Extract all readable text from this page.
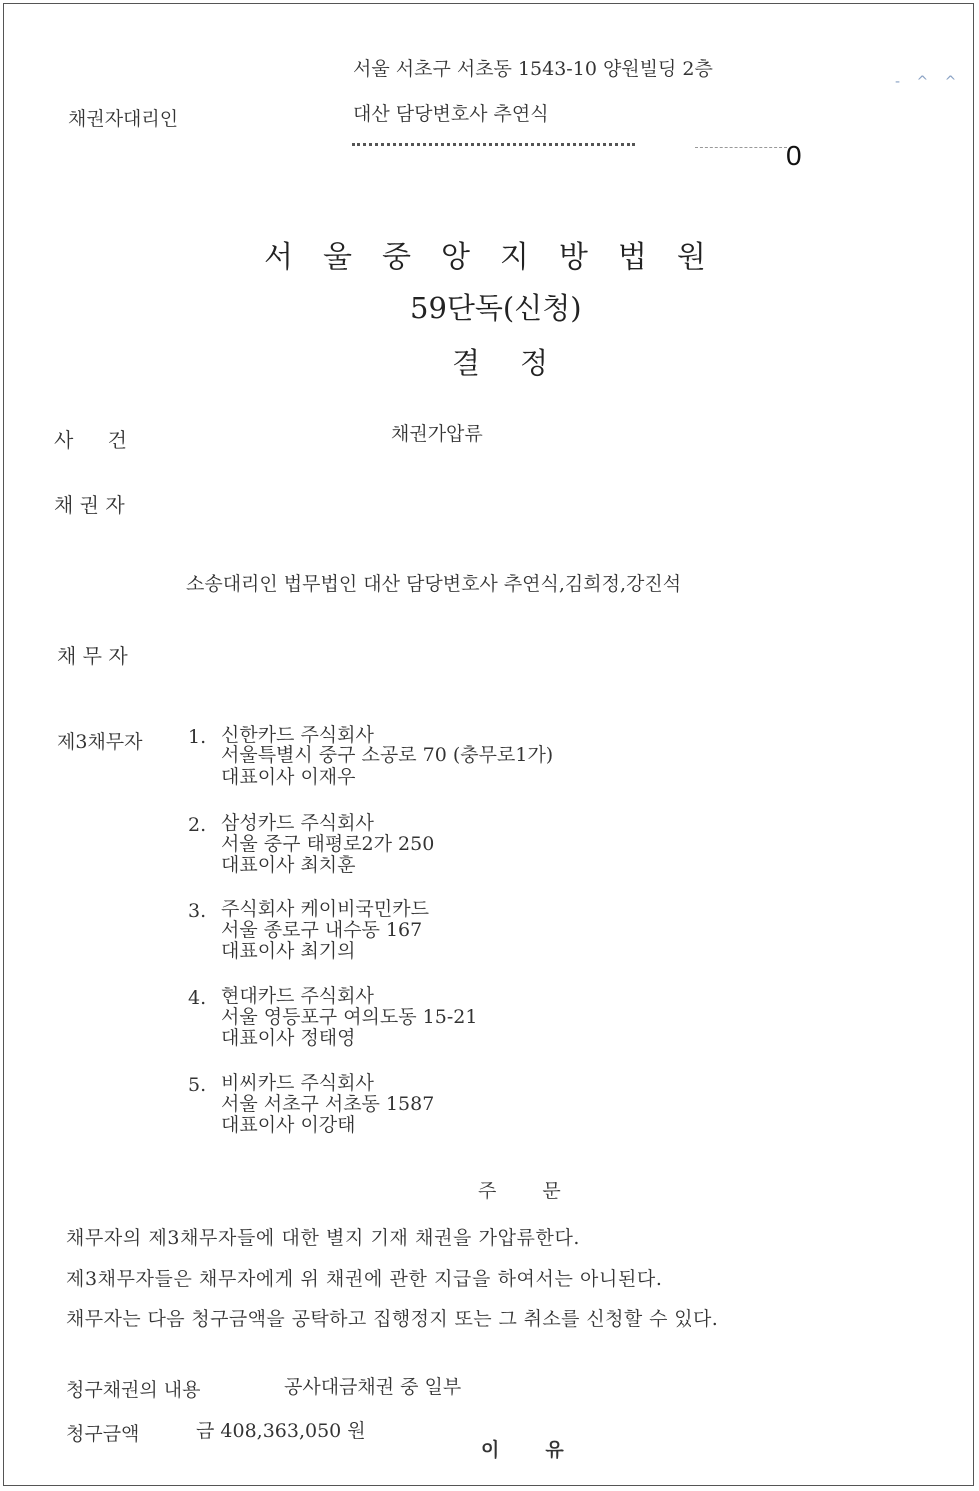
서울 서초구 서초동 1543-10 양원빌딩 2층
채권자대리인	대산 담당변호사 추연식
- ^ ^
0
서울중앙지방법원
59단독(신청)
결정
사 건	채권가압류
채 권 자
소송대리인 법무법인 대산 담당변호사 추연식,김희정,강진석
채 무 자
제3채무자 1. 신한카드 주식회사
서울특별시 중구 소공로 70 (충무로1가)
대표이사 이재우
2. 삼성카드 주식회사
서울 중구 태평로2가 250
대표이사 최치훈
3. 주식회사 케이비국민카드
서울 종로구 내수동 167
대표이사 최기의
4. 현대카드 주식회사
서울 영등포구 여의도동 15-21
대표이사 정태영
5. 비씨카드 주식회사
서울 서초구 서초동 1587
대표이사 이강태
주문
채무자의 제3채무자들에 대한 별지 기재 채권을 가압류한다.
제3채무자들은 채무자에게 위 채권에 관한 지급을 하여서는 아니된다.
채무자는 다음 청구금액을 공탁하고 집행정지 또는 그 취소를 신청할 수 있다.
청구채권의 내용	공사대금채권 중 일부
청구금액	금 408,363,050 원
이유
